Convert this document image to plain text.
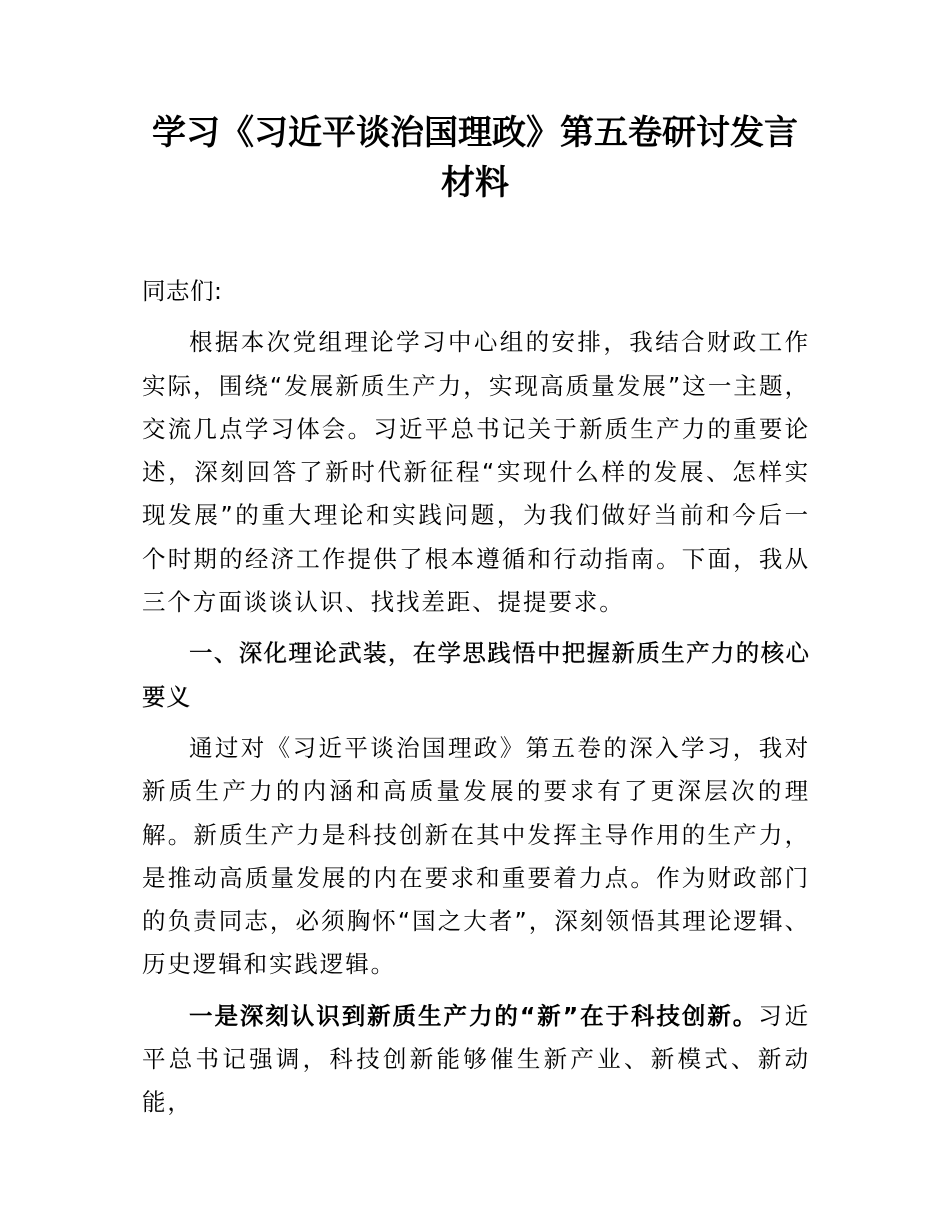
学习《习近平谈治国理政》第五卷研讨发言
材料

同志们:

根据本次党组理论学习中心组的安排，我结合财政工作实际，围绕“发展新质生产力，实现高质量发展”这一主题，交流几点学习体会。习近平总书记关于新质生产力的重要论述，深刻回答了新时代新征程“实现什么样的发展、怎样实现发展”的重大理论和实践问题，为我们做好当前和今后一个时期的经济工作提供了根本遵循和行动指南。下面，我从三个方面谈谈认识、找找差距、提提要求。

一、深化理论武装，在学思践悟中把握新质生产力的核心要义

通过对《习近平谈治国理政》第五卷的深入学习，我对新质生产力的内涵和高质量发展的要求有了更深层次的理解。新质生产力是科技创新在其中发挥主导作用的生产力，是推动高质量发展的内在要求和重要着力点。作为财政部门的负责同志，必须胸怀“国之大者”，深刻领悟其理论逻辑、历史逻辑和实践逻辑。

一是深刻认识到新质生产力的“新”在于科技创新。习近平总书记强调，科技创新能够催生新产业、新模式、新动能，
